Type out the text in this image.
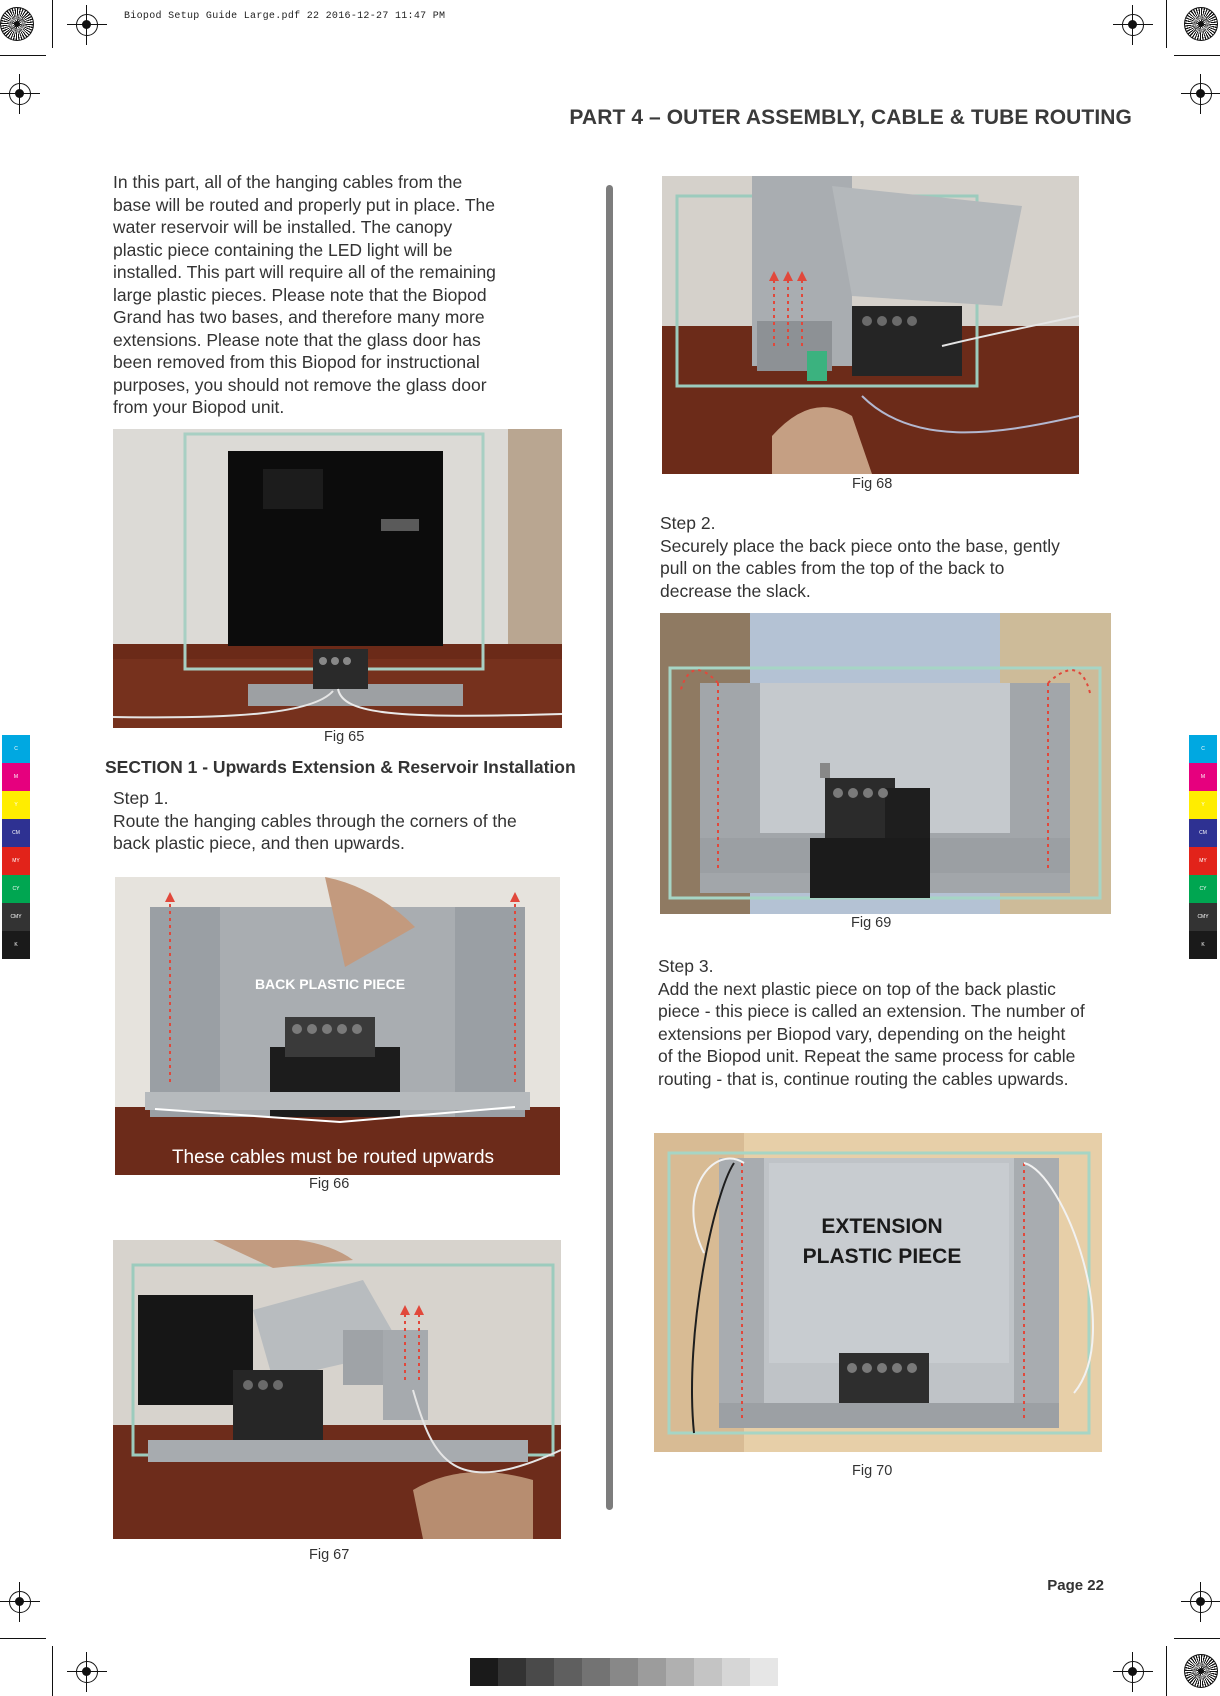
Biopod Setup Guide Large.pdf 22 2016-12-27 11:47 PM
C
M
Y
CM
MY
CY
CMY
K
C
M
Y
CM
MY
CY
CMY
K
PART 4 – OUTER ASSEMBLY, CABLE & TUBE ROUTING
In this part, all of the hanging cables from the
base will be routed and properly put in place. The
water reservoir will be installed. The canopy
plastic piece containing the LED light will be
installed. This part will require all of the remaining
large plastic pieces. Please note that the Biopod
Grand has two bases, and therefore many more
extensions. Please note that the glass door has
been removed from this Biopod for instructional
purposes, you should not remove the glass door
from your Biopod unit.
Fig 65
SECTION 1 - Upwards Extension & Reservoir Installation
Step 1.
Route the hanging cables through the corners of the
back plastic piece, and then upwards.
BACK PLASTIC PIECE
These cables must be routed upwards
Fig 66
Fig 67
Fig 68
Step 2.
Securely place the back piece onto the base, gently
pull on the cables from the top of the back to
decrease the slack.
Fig 69
Step 3.
Add the next plastic piece on top of the back plastic
piece - this piece is called an extension. The number of
extensions per Biopod vary, depending on the height
of the Biopod unit. Repeat the same process for cable
routing - that is, continue routing the cables upwards.
EXTENSION
PLASTIC PIECE
Fig 70
Page 22
